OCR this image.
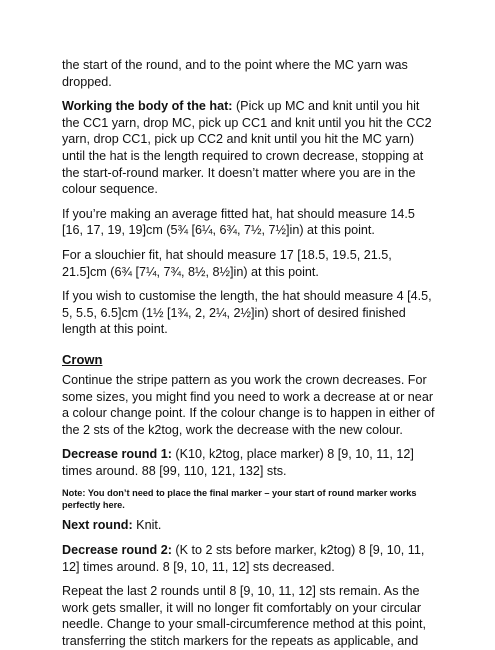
the start of the round, and to the point where the MC yarn was dropped.

Working the body of the hat: (Pick up MC and knit until you hit the CC1 yarn, drop MC, pick up CC1 and knit until you hit the CC2 yarn, drop CC1, pick up CC2 and knit until you hit the MC yarn) until the hat is the length required to crown decrease, stopping at the start-of-round marker. It doesn’t matter where you are in the colour sequence.

If you’re making an average fitted hat, hat should measure 14.5 [16, 17, 19, 19]cm (5¾ [6¼, 6¾, 7½, 7½]in) at this point.

For a slouchier fit, hat should measure 17 [18.5, 19.5, 21.5, 21.5]cm (6¾ [7¼, 7¾, 8½, 8½]in) at this point.

If you wish to customise the length, the hat should measure 4 [4.5, 5, 5.5, 6.5]cm (1½ [1¾, 2, 2¼, 2½]in) short of desired finished length at this point.

Crown

Continue the stripe pattern as you work the crown decreases. For some sizes, you might find you need to work a decrease at or near a colour change point. If the colour change is to happen in either of the 2 sts of the k2tog, work the decrease with the new colour.

Decrease round 1: (K10, k2tog, place marker) 8 [9, 10, 11, 12] times around. 88 [99, 110, 121, 132] sts.

Note: You don’t need to place the final marker – your start of round marker works perfectly here.

Next round: Knit.

Decrease round 2: (K to 2 sts before marker, k2tog) 8 [9, 10, 11, 12] times around. 8 [9, 10, 11, 12] sts decreased.

Repeat the last 2 rounds until 8 [9, 10, 11, 12] sts remain. As the work gets smaller, it will no longer fit comfortably on your circular needle. Change to your small-circumference method at this point, transferring the stitch markers for the repeats as applicable, and
